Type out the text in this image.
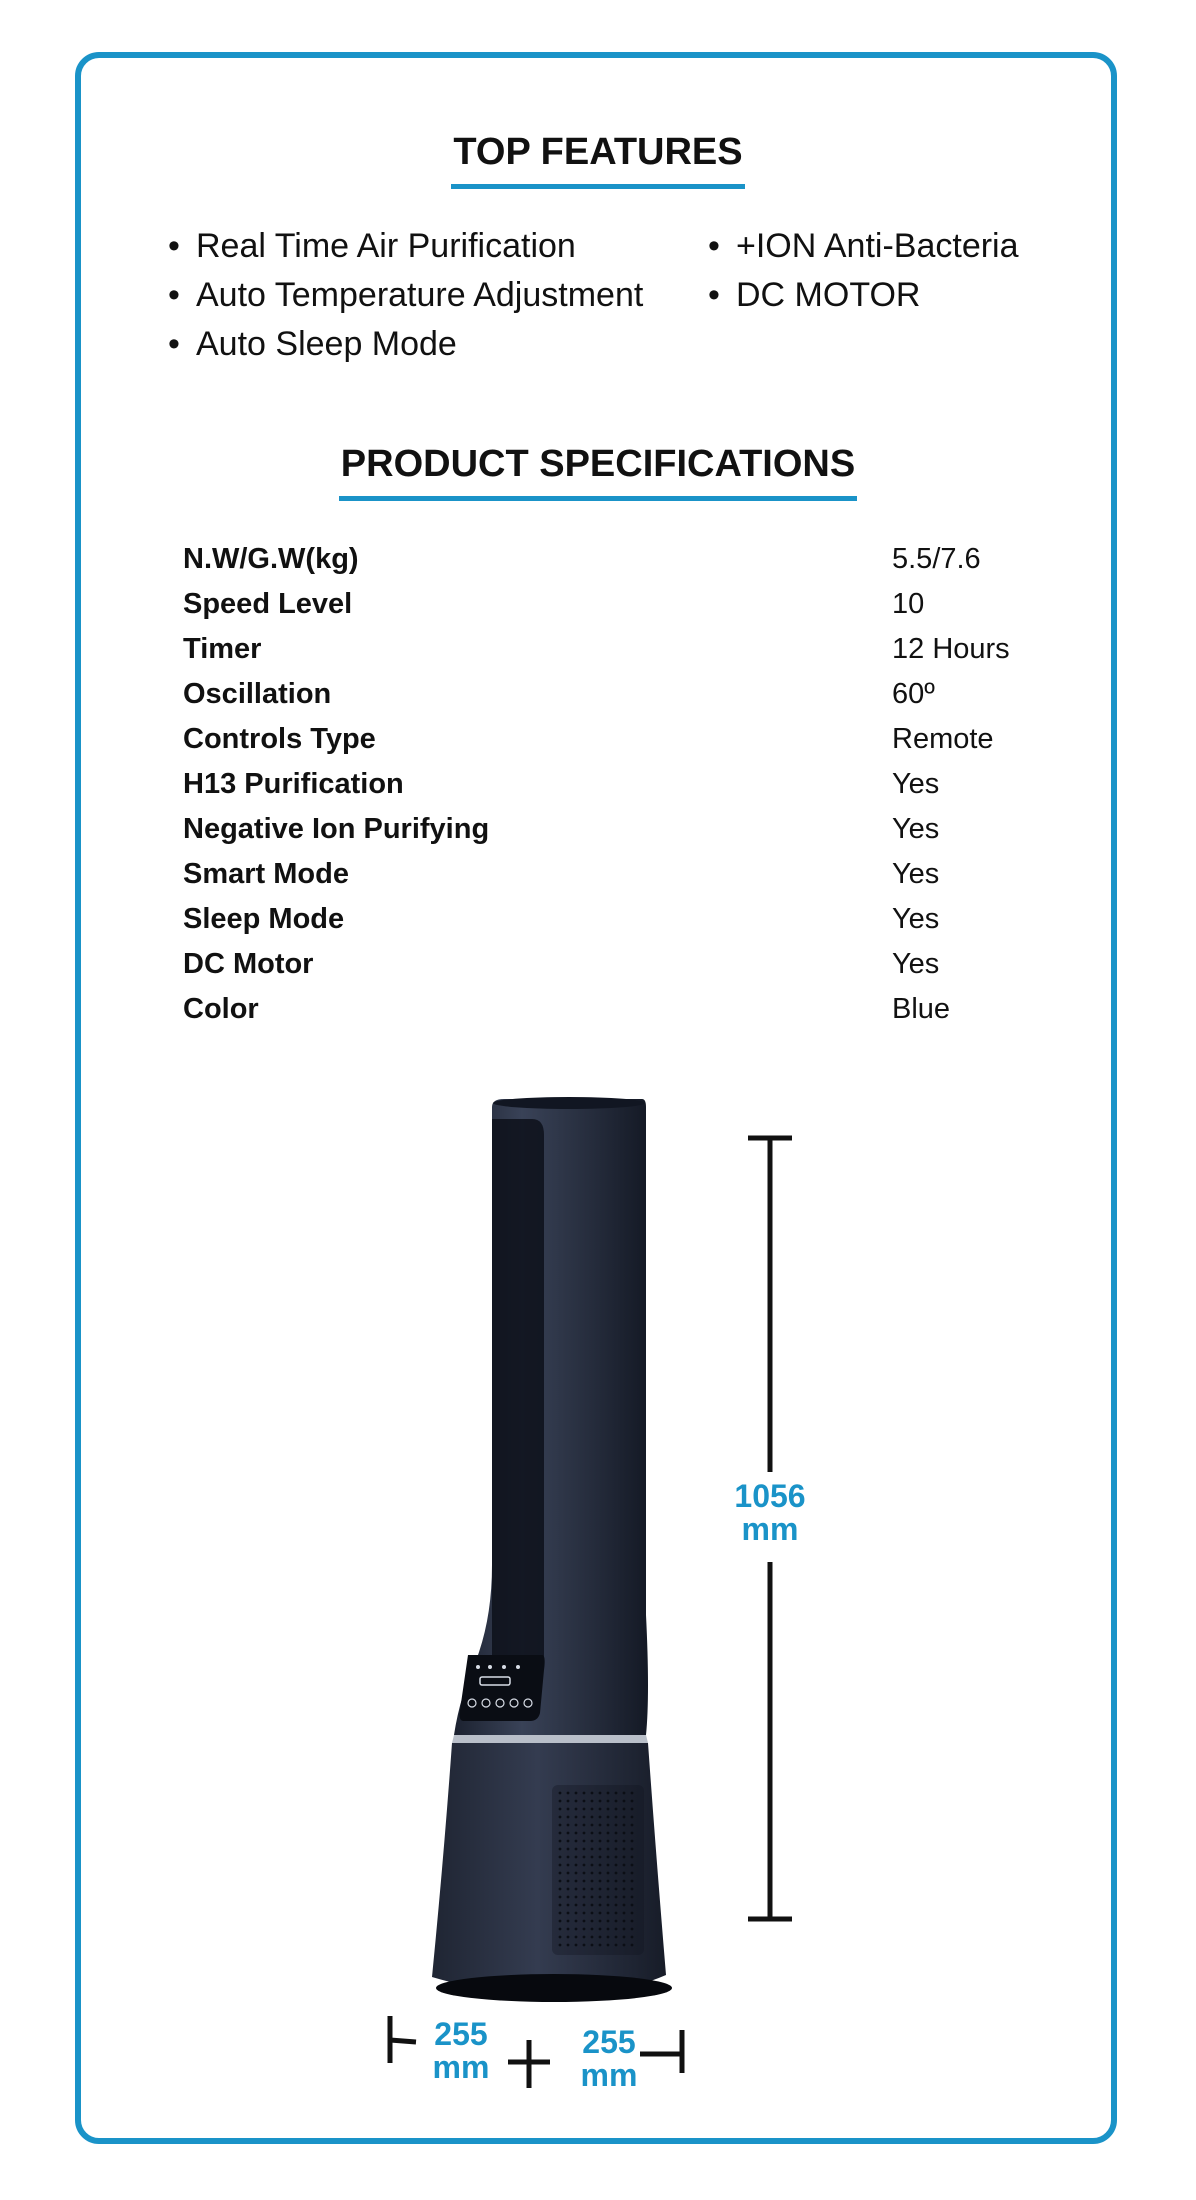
TOP FEATURES
• Real Time Air Purification
• Auto Temperature Adjustment
• Auto Sleep Mode
• +ION Anti-Bacteria
• DC MOTOR
PRODUCT SPECIFICATIONS
N.W/G.W(kg)	5.5/7.6
Speed Level	10
Timer	12 Hours
Oscillation	60º
Controls Type	Remote
H13 Purification	Yes
Negative Ion Purifying	Yes
Smart Mode	Yes
Sleep Mode	Yes
DC Motor	Yes
Color	Blue
1056
mm
255
mm
255
mm
